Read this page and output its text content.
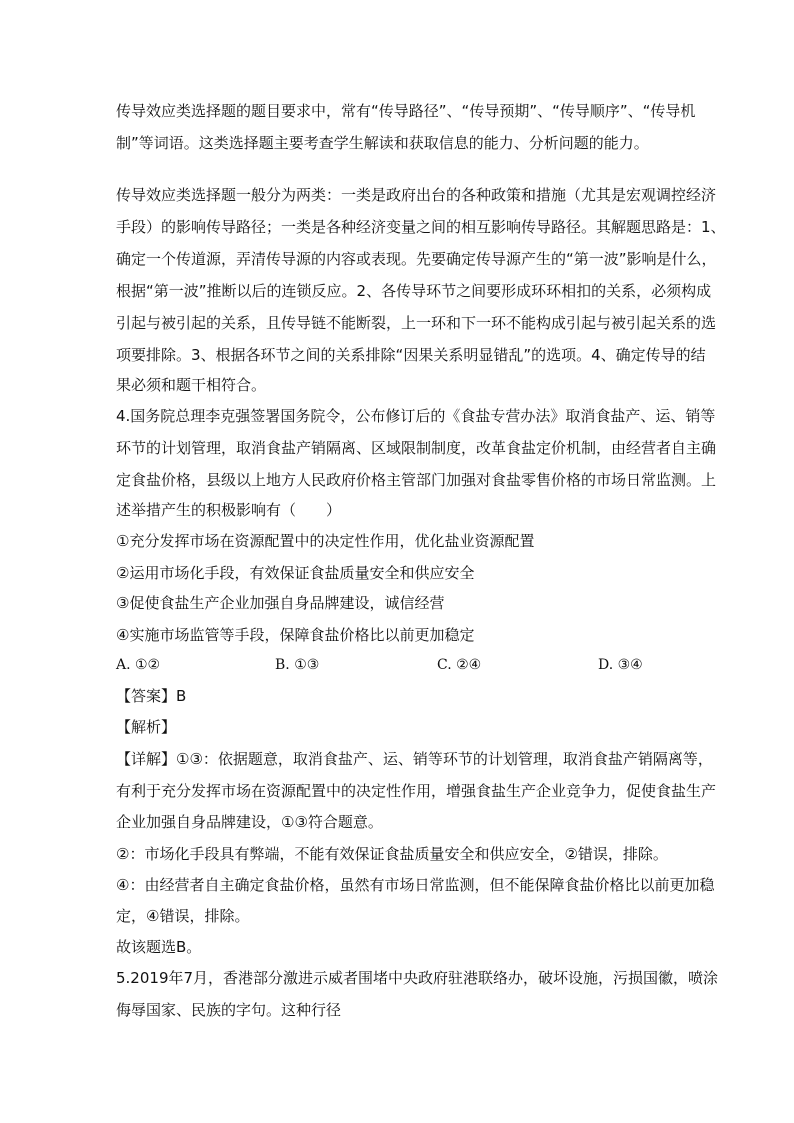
传导效应类选择题的题目要求中，常有“传导路径”、“传导预期”、“传导顺序”、“传导机
制”等词语。这类选择题主要考查学生解读和获取信息的能力、分析问题的能力。
传导效应类选择题一般分为两类：一类是政府出台的各种政策和措施（尤其是宏观调控经济
手段）的影响传导路径；一类是各种经济变量之间的相互影响传导路径。其解题思路是：1、
确定一个传道源，弄清传导源的内容或表现。先要确定传导源产生的“第一波”影响是什么，
根据“第一波”推断以后的连锁反应。2、各传导环节之间要形成环环相扣的关系，必须构成
引起与被引起的关系，且传导链不能断裂，上一环和下一环不能构成引起与被引起关系的选
项要排除。3、根据各环节之间的关系排除“因果关系明显错乱”的选项。4、确定传导的结
果必须和题干相符合。
4.国务院总理李克强签署国务院令，公布修订后的《食盐专营办法》取消食盐产、运、销等
环节的计划管理，取消食盐产销隔离、区域限制制度，改革食盐定价机制，由经营者自主确
定食盐价格，县级以上地方人民政府价格主管部门加强对食盐零售价格的市场日常监测。上
述举措产生的积极影响有（　　）
①充分发挥市场在资源配置中的决定性作用，优化盐业资源配置
②运用市场化手段，有效保证食盐质量安全和供应安全
③促使食盐生产企业加强自身品牌建设，诚信经营
④实施市场监管等手段，保障食盐价格比以前更加稳定
A. ①②	B. ①③	C. ②④	D. ③④
【答案】B
【解析】
【详解】①③：依据题意，取消食盐产、运、销等环节的计划管理，取消食盐产销隔离等，
有利于充分发挥市场在资源配置中的决定性作用，增强食盐生产企业竞争力，促使食盐生产
企业加强自身品牌建设，①③符合题意。
②：市场化手段具有弊端，不能有效保证食盐质量安全和供应安全，②错误，排除。
④：由经营者自主确定食盐价格，虽然有市场日常监测，但不能保障食盐价格比以前更加稳
定，④错误，排除。
故该题选B。
5.2019年7月，香港部分激进示威者围堵中央政府驻港联络办，破坏设施，污损国徽，喷涂
侮辱国家、民族的字句。这种行径
